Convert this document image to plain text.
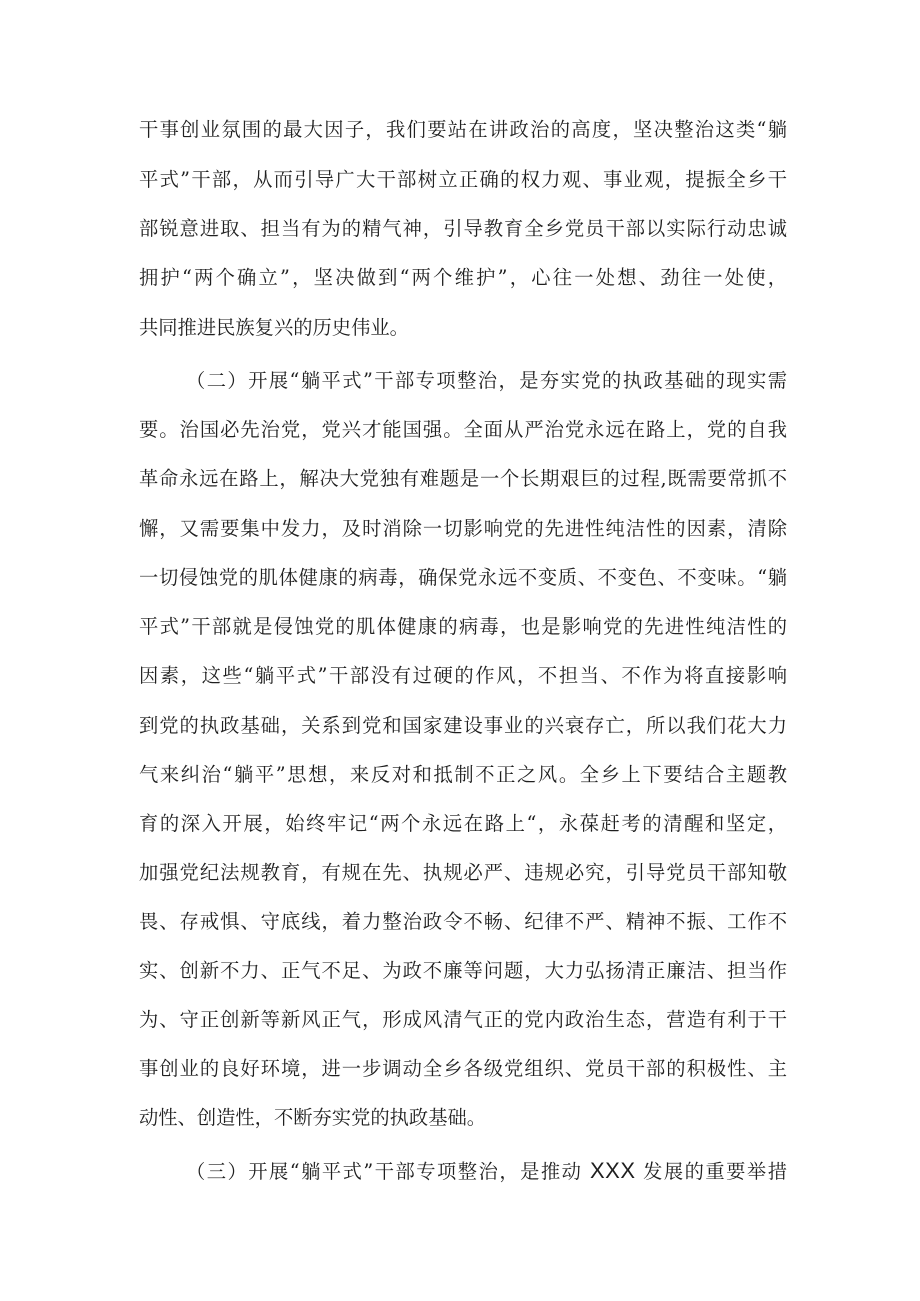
干事创业氛围的最大因子，我们要站在讲政治的高度，坚决整治这类“躺
平式”干部，从而引导广大干部树立正确的权力观、事业观，提振全乡干
部锐意进取、担当有为的精气神，引导教育全乡党员干部以实际行动忠诚
拥护“两个确立”，坚决做到“两个维护”，心往一处想、劲往一处使，
共同推进民族复兴的历史伟业。
（二）开展“躺平式”干部专项整治，是夯实党的执政基础的现实需
要。治国必先治党，党兴才能国强。全面从严治党永远在路上，党的自我
革命永远在路上，解决大党独有难题是一个长期艰巨的过程,既需要常抓不
懈，又需要集中发力，及时消除一切影响党的先进性纯洁性的因素，清除
一切侵蚀党的肌体健康的病毒，确保党永远不变质、不变色、不变味。“躺
平式”干部就是侵蚀党的肌体健康的病毒，也是影响党的先进性纯洁性的
因素，这些“躺平式”干部没有过硬的作风，不担当、不作为将直接影响
到党的执政基础，关系到党和国家建设事业的兴衰存亡，所以我们花大力
气来纠治“躺平”思想，来反对和抵制不正之风。全乡上下要结合主题教
育的深入开展，始终牢记“两个永远在路上“，永葆赶考的清醒和坚定，
加强党纪法规教育，有规在先、执规必严、违规必究，引导党员干部知敬
畏、存戒惧、守底线，着力整治政令不畅、纪律不严、精神不振、工作不
实、创新不力、正气不足、为政不廉等问题，大力弘扬清正廉洁、担当作
为、守正创新等新风正气，形成风清气正的党内政治生态，营造有利于干
事创业的良好环境，进一步调动全乡各级党组织、党员干部的积极性、主
动性、创造性，不断夯实党的执政基础。
（三）开展“躺平式”干部专项整治，是推动 XXX 发展的重要举措
